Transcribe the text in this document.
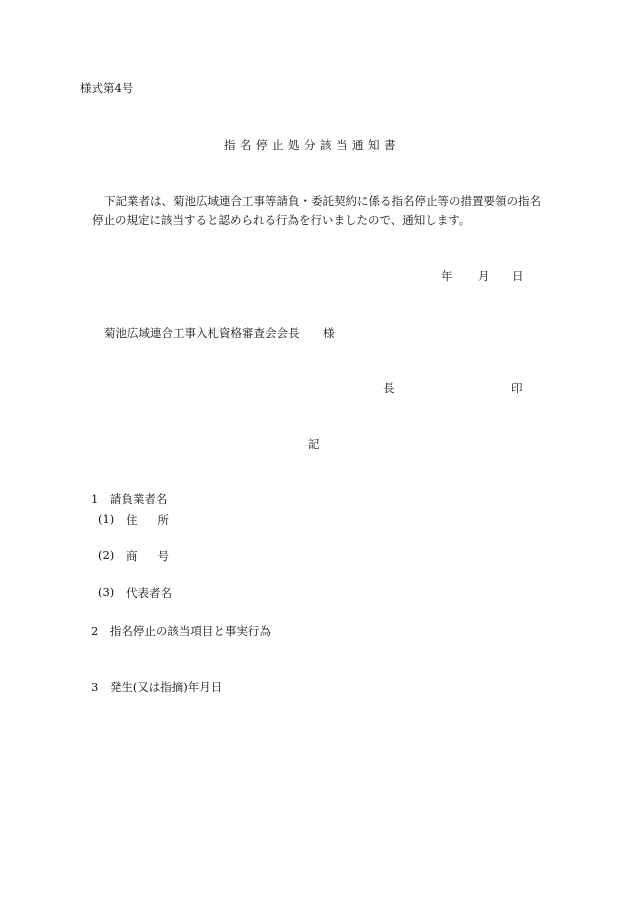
様式第4号
指名停止処分該当通知書
下記業者は、菊池広域連合工事等請負・委託契約に係る指名停止等の措置要領の指名
停止の規定に該当すると認められる行為を行いましたので、通知します。
年 月 日
菊池広域連合工事入札資格審査会会長 様
長	印
記
1　請負業者名
(1) 住所
(2) 商号
(3) 代表者名
2　指名停止の該当項目と事実行為
3　発生(又は指摘)年月日
